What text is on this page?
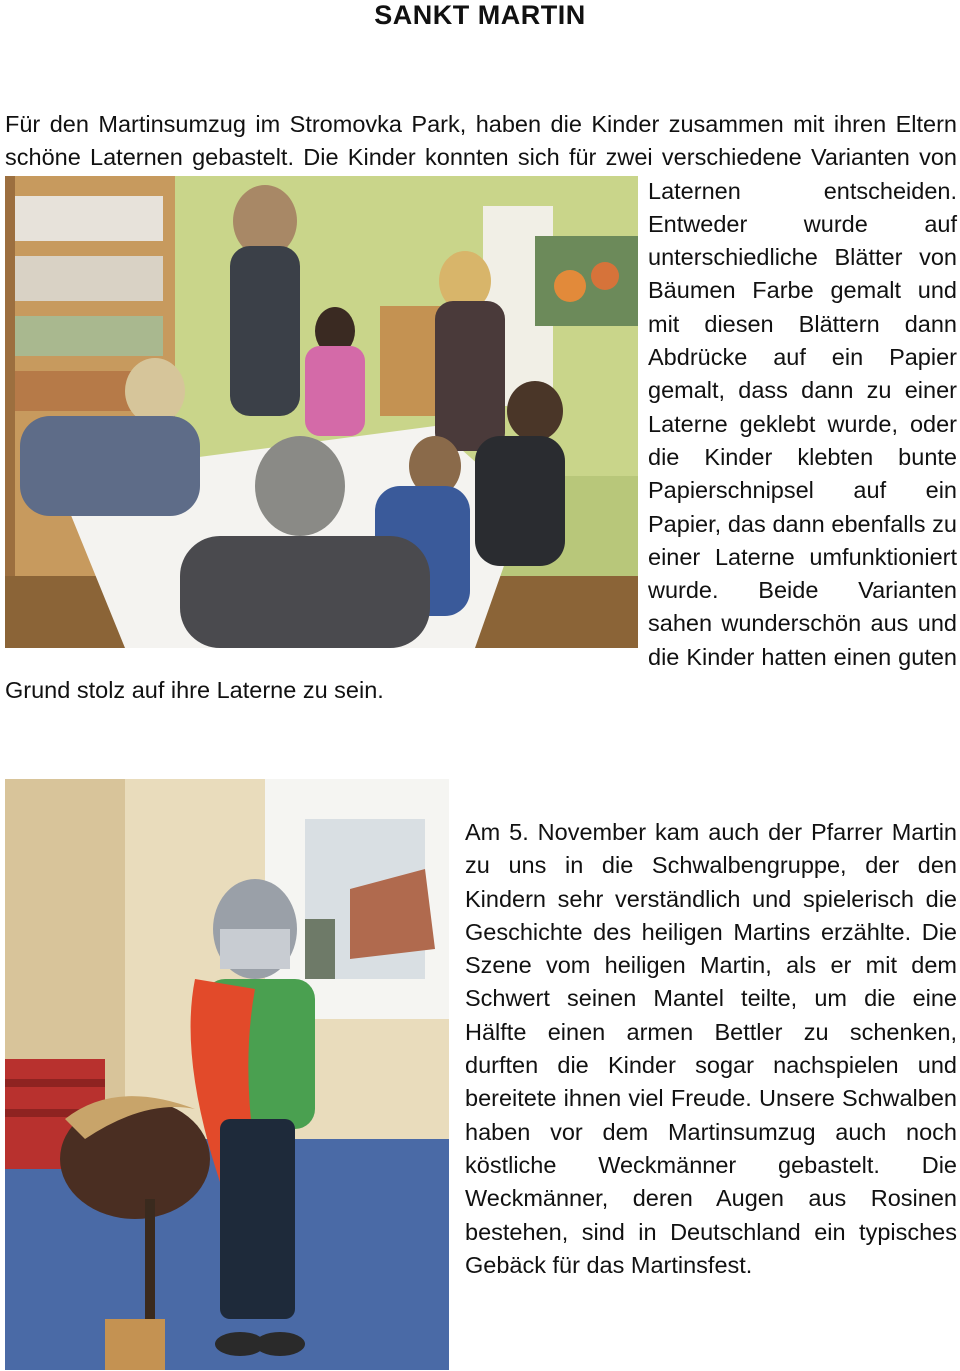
SANKT MARTIN
Für den Martinsumzug im Stromovka Park, haben die Kinder zusammen mit ihren Eltern schöne Laternen gebastelt. Die Kinder konnten sich für zwei verschiedene Varianten von Laternen entscheiden.
Entweder wurde auf unterschiedliche Blätter von Bäumen Farbe gemalt und mit diesen Blättern dann Abdrücke auf ein Papier gemalt, dass dann zu einer Laterne geklebt wurde, oder die Kinder klebten bunte Papierschnipsel auf ein Papier, das dann ebenfalls zu einer Laterne umfunktioniert wurde. Beide Varianten sahen wunderschön aus und die Kinder hatten einen guten Grund stolz auf ihre Laterne zu sein.
Am 5. November kam auch der Pfarrer Martin zu uns in die Schwalbengruppe, der den Kindern sehr verständlich und spielerisch die Geschichte des heiligen Martins erzählte. Die Szene vom heiligen Martin, als er mit dem Schwert seinen Mantel teilte, um die eine Hälfte einen armen Bettler zu schenken, durften die Kinder sogar nachspielen und bereitete ihnen viel Freude. Unsere Schwalben haben vor dem Martinsumzug auch noch köstliche Weckmänner gebastelt. Die Weckmänner, deren Augen aus Rosinen bestehen, sind in Deutschland ein typisches Gebäck für das Martinsfest.
